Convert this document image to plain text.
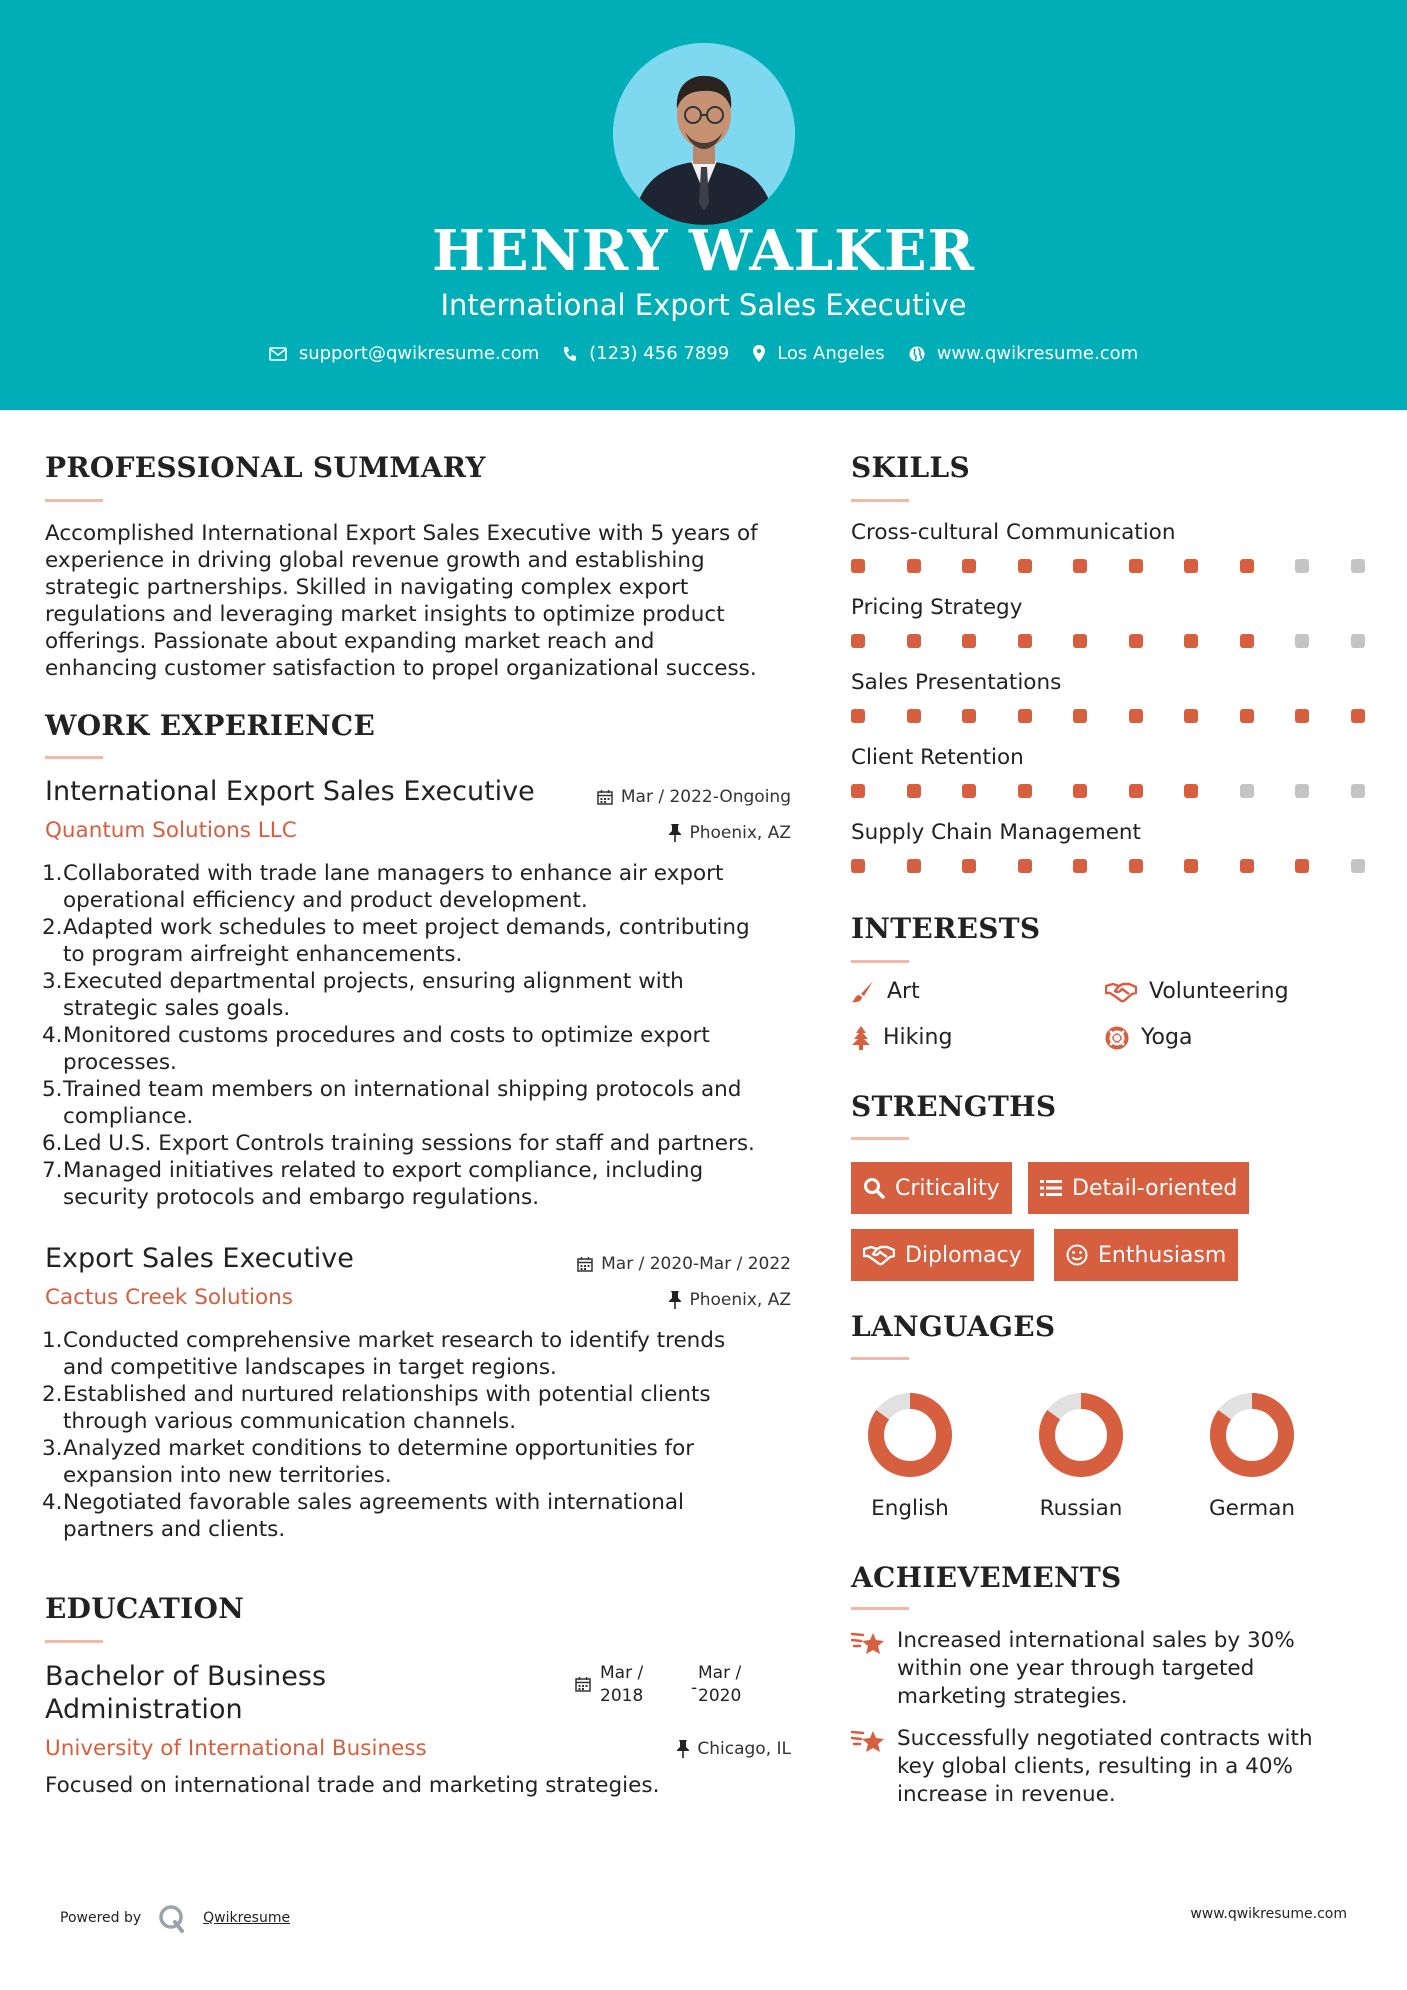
HENRY WALKER
International Export Sales Executive
support@qwikresume.com	(123) 456 7899	Los Angeles	www.qwikresume.com
PROFESSIONAL SUMMARY
Accomplished International Export Sales Executive with 5 years of
experience in driving global revenue growth and establishing
strategic partnerships. Skilled in navigating complex export
regulations and leveraging market insights to optimize product
offerings. Passionate about expanding market reach and
enhancing customer satisfaction to propel organizational success.
WORK EXPERIENCE
International Export Sales Executive	Mar / 2022-Ongoing
Quantum Solutions LLC	Phoenix, AZ
1. Collaborated with trade lane managers to enhance air export
operational efficiency and product development.
2. Adapted work schedules to meet project demands, contributing
to program airfreight enhancements.
3. Executed departmental projects, ensuring alignment with
strategic sales goals.
4. Monitored customs procedures and costs to optimize export
processes.
5. Trained team members on international shipping protocols and
compliance.
6. Led U.S. Export Controls training sessions for staff and partners.
7. Managed initiatives related to export compliance, including
security protocols and embargo regulations.
Export Sales Executive	Mar / 2020-Mar / 2022
Cactus Creek Solutions	Phoenix, AZ
1. Conducted comprehensive market research to identify trends
and competitive landscapes in target regions.
2. Established and nurtured relationships with potential clients
through various communication channels.
3. Analyzed market conditions to determine opportunities for
expansion into new territories.
4. Negotiated favorable sales agreements with international
partners and clients.
EDUCATION
Bachelor of Business
Administration
Mar /
2018	-
Mar /
2020
University of International Business	Chicago, IL
Focused on international trade and marketing strategies.
SKILLS
Cross-cultural Communication
Pricing Strategy
Sales Presentations
Client Retention
Supply Chain Management
INTERESTS
Art	Volunteering
Hiking	Yoga
STRENGTHS
Criticality	Detail-oriented
Diplomacy	Enthusiasm
LANGUAGES
English	Russian	German
ACHIEVEMENTS
Increased international sales by 30%
within one year through targeted
marketing strategies.
Successfully negotiated contracts with
key global clients, resulting in a 40%
increase in revenue.
Powered by	Qwikresume	www.qwikresume.com
